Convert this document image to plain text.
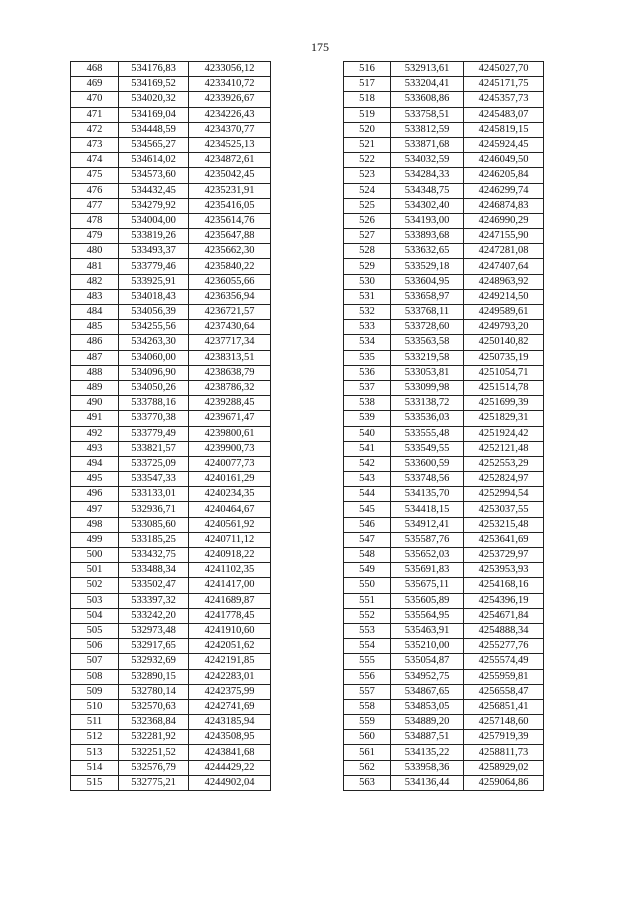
175
468	534176,83	4233056,12
469	534169,52	4233410,72
470	534020,32	4233926,67
471	534169,04	4234226,43
472	534448,59	4234370,77
473	534565,27	4234525,13
474	534614,02	4234872,61
475	534573,60	4235042,45
476	534432,45	4235231,91
477	534279,92	4235416,05
478	534004,00	4235614,76
479	533819,26	4235647,88
480	533493,37	4235662,30
481	533779,46	4235840,22
482	533925,91	4236055,66
483	534018,43	4236356,94
484	534056,39	4236721,57
485	534255,56	4237430,64
486	534263,30	4237717,34
487	534060,00	4238313,51
488	534096,90	4238638,79
489	534050,26	4238786,32
490	533788,16	4239288,45
491	533770,38	4239671,47
492	533779,49	4239800,61
493	533821,57	4239900,73
494	533725,09	4240077,73
495	533547,33	4240161,29
496	533133,01	4240234,35
497	532936,71	4240464,67
498	533085,60	4240561,92
499	533185,25	4240711,12
500	533432,75	4240918,22
501	533488,34	4241102,35
502	533502,47	4241417,00
503	533397,32	4241689,87
504	533242,20	4241778,45
505	532973,48	4241910,60
506	532917,65	4242051,62
507	532932,69	4242191,85
508	532890,15	4242283,01
509	532780,14	4242375,99
510	532570,63	4242741,69
511	532368,84	4243185,94
512	532281,92	4243508,95
513	532251,52	4243841,68
514	532576,79	4244429,22
515	532775,21	4244902,04
516	532913,61	4245027,70
517	533204,41	4245171,75
518	533608,86	4245357,73
519	533758,51	4245483,07
520	533812,59	4245819,15
521	533871,68	4245924,45
522	534032,59	4246049,50
523	534284,33	4246205,84
524	534348,75	4246299,74
525	534302,40	4246874,83
526	534193,00	4246990,29
527	533893,68	4247155,90
528	533632,65	4247281,08
529	533529,18	4247407,64
530	533604,95	4248963,92
531	533658,97	4249214,50
532	533768,11	4249589,61
533	533728,60	4249793,20
534	533563,58	4250140,82
535	533219,58	4250735,19
536	533053,81	4251054,71
537	533099,98	4251514,78
538	533138,72	4251699,39
539	533536,03	4251829,31
540	533555,48	4251924,42
541	533549,55	4252121,48
542	533600,59	4252553,29
543	533748,56	4252824,97
544	534135,70	4252994,54
545	534418,15	4253037,55
546	534912,41	4253215,48
547	535587,76	4253641,69
548	535652,03	4253729,97
549	535691,83	4253953,93
550	535675,11	4254168,16
551	535605,89	4254396,19
552	535564,95	4254671,84
553	535463,91	4254888,34
554	535210,00	4255277,76
555	535054,87	4255574,49
556	534952,75	4255959,81
557	534867,65	4256558,47
558	534853,05	4256851,41
559	534889,20	4257148,60
560	534887,51	4257919,39
561	534135,22	4258811,73
562	533958,36	4258929,02
563	534136,44	4259064,86
